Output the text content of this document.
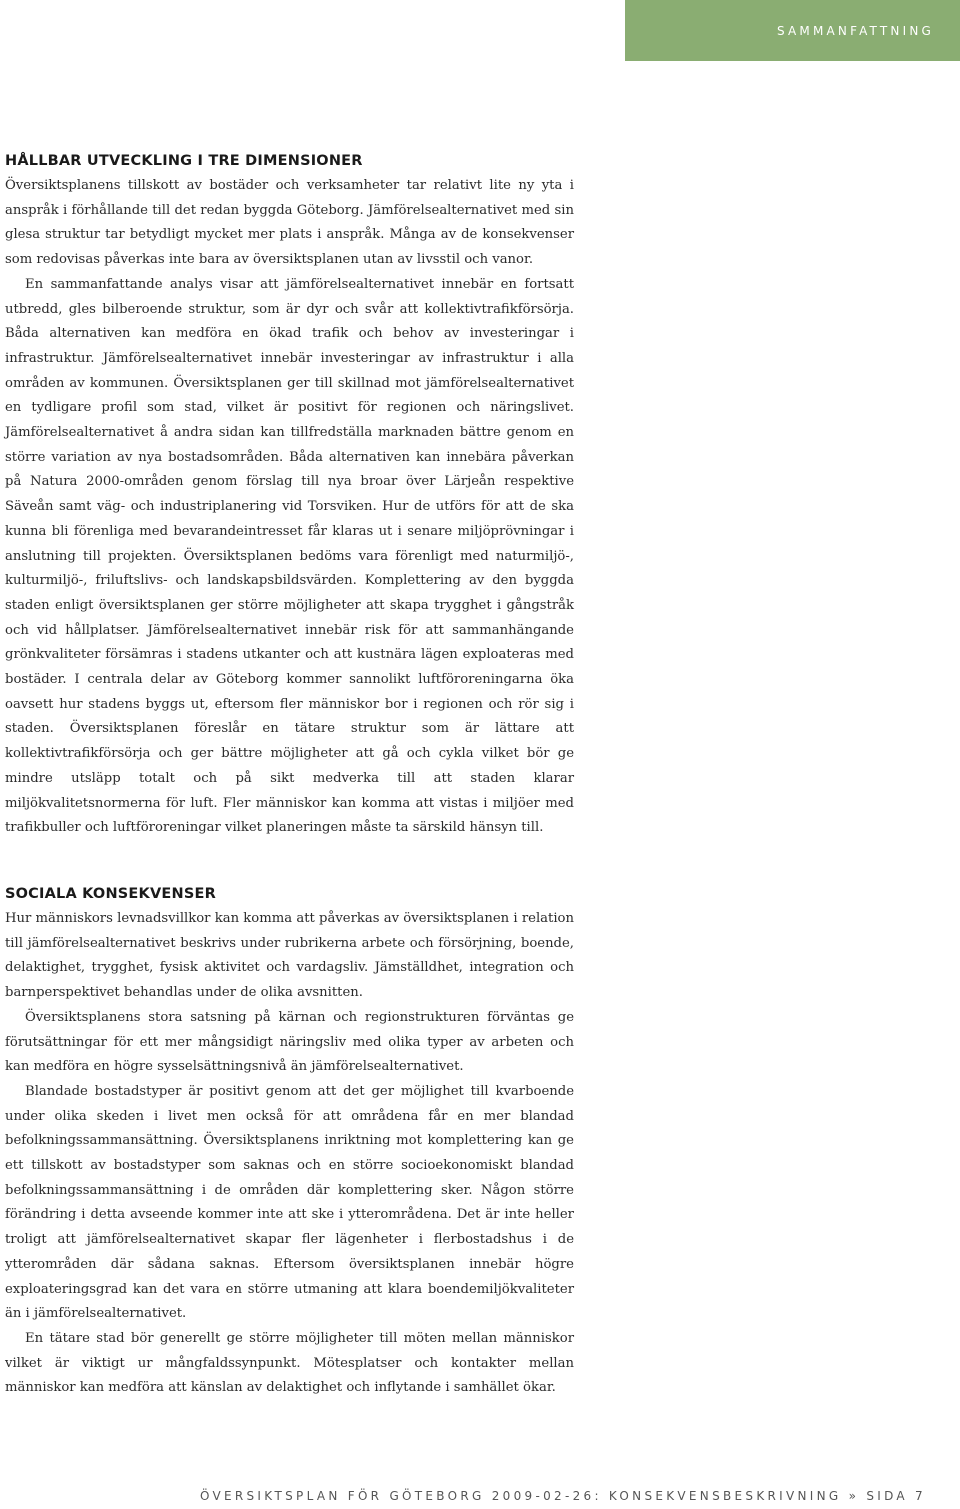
SAMMANFATTNING
HÅLLBAR UTVECKLING I TRE DIMENSIONER

Översiktsplanens tillskott av bostäder och verksamheter tar relativt lite ny yta i anspråk i förhållande till det redan byggda Göteborg. Jämförelsealternativet med sin glesa struktur tar betydligt mycket mer plats i anspråk. Många av de konsekvenser som redovisas påverkas inte bara av översiktsplanen utan av livsstil och vanor.

En sammanfattande analys visar att jämförelsealternativet innebär en fortsatt utbredd, gles bilberoende struktur, som är dyr och svår att kollektivtrafikförsörja. Båda alternativen kan medföra en ökad trafik och behov av investeringar i infrastruktur. Jämförelsealternativet innebär investeringar av infrastruktur i alla områden av kommunen. Översiktsplanen ger till skillnad mot jämförelsealternativet en tydligare profil som stad, vilket är positivt för regionen och näringslivet. Jämförelsealternativet å andra sidan kan tillfredställa marknaden bättre genom en större variation av nya bostadsområden. Båda alternativen kan innebära påverkan på Natura 2000-områden genom förslag till nya broar över Lärjeån respektive Säveån samt väg- och industriplanering vid Torsviken. Hur de utförs för att de ska kunna bli förenliga med bevarandeintresset får klaras ut i senare miljöprövningar i anslutning till projekten. Översiktsplanen bedöms vara förenligt med naturmiljö-, kulturmiljö-, friluftslivs- och landskapsbildsvärden. Komplettering av den byggda staden enligt översiktsplanen ger större möjligheter att skapa trygghet i gångstråk och vid hållplatser. Jämförelsealternativet innebär risk för att sammanhängande grönkvaliteter försämras i stadens utkanter och att kustnära lägen exploateras med bostäder. I centrala delar av Göteborg kommer sannolikt luftföroreningarna öka oavsett hur stadens byggs ut, eftersom fler människor bor i regionen och rör sig i staden. Översiktsplanen föreslår en tätare struktur som är lättare att kollektivtrafikförsörja och ger bättre möjligheter att gå och cykla vilket bör ge mindre utsläpp totalt och på sikt medverka till att staden klarar miljökvalitetsnormerna för luft. Fler människor kan komma att vistas i miljöer med trafikbuller och luftföroreningar vilket planeringen måste ta särskild hänsyn till.

SOCIALA KONSEKVENSER

Hur människors levnadsvillkor kan komma att påverkas av översiktsplanen i relation till jämförelsealternativet beskrivs under rubrikerna arbete och försörjning, boende, delaktighet, trygghet, fysisk aktivitet och vardagsliv. Jämställdhet, integration och barnperspektivet behandlas under de olika avsnitten.

Översiktsplanens stora satsning på kärnan och regionstrukturen förväntas ge förutsättningar för ett mer mångsidigt näringsliv med olika typer av arbeten och kan medföra en högre sysselsättningsnivå än jämförelsealternativet.

Blandade bostadstyper är positivt genom att det ger möjlighet till kvarboende under olika skeden i livet men också för att områdena får en mer blandad befolkningssammansättning. Översiktsplanens inriktning mot komplettering kan ge ett tillskott av bostadstyper som saknas och en större socioekonomiskt blandad befolkningssammansättning i de områden där komplettering sker. Någon större förändring i detta avseende kommer inte att ske i ytterområdena. Det är inte heller troligt att jämförelsealternativet skapar fler lägenheter i flerbostadshus i de ytterområden där sådana saknas. Eftersom översiktsplanen innebär högre exploateringsgrad kan det vara en större utmaning att klara boendemiljökvaliteter än i jämförelsealternativet.

En tätare stad bör generellt ge större möjligheter till möten mellan människor vilket är viktigt ur mångfaldssynpunkt. Mötesplatser och kontakter mellan människor kan medföra att känslan av delaktighet och inflytande i samhället ökar.

ÖVERSIKTSPLAN FÖR GÖTEBORG 2009-02-26: KONSEKVENSBESKRIVNING » SIDA 7
